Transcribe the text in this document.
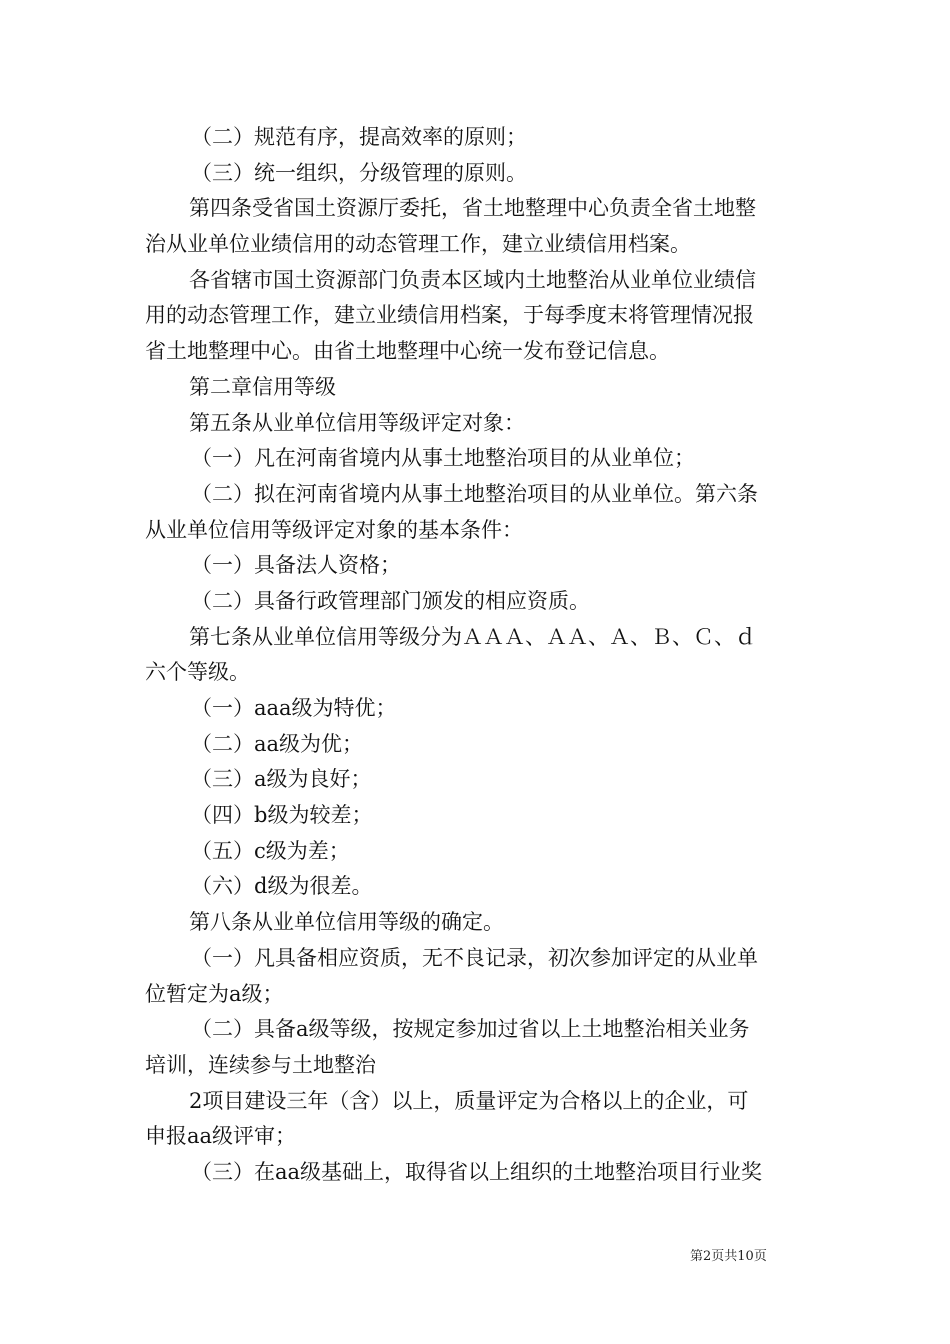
（二）规范有序，提高效率的原则；
（三）统一组织，分级管理的原则。
第四条受省国土资源厅委托，省土地整理中心负责全省土地整
治从业单位业绩信用的动态管理工作，建立业绩信用档案。
各省辖市国土资源部门负责本区域内土地整治从业单位业绩信
用的动态管理工作，建立业绩信用档案，于每季度末将管理情况报
省土地整理中心。由省土地整理中心统一发布登记信息。
第二章信用等级
第五条从业单位信用等级评定对象：
（一）凡在河南省境内从事土地整治项目的从业单位；
（二）拟在河南省境内从事土地整治项目的从业单位。第六条
从业单位信用等级评定对象的基本条件：
（一）具备法人资格；
（二）具备行政管理部门颁发的相应资质。
第七条从业单位信用等级分为ＡＡＡ、ＡＡ、Ａ、Ｂ、Ｃ、ｄ
六个等级。
（一）aaa级为特优；
（二）aa级为优；
（三）a级为良好；
（四）b级为较差；
（五）c级为差；
（六）d级为很差。
第八条从业单位信用等级的确定。
（一）凡具备相应资质，无不良记录，初次参加评定的从业单
位暂定为a级；
（二）具备a级等级，按规定参加过省以上土地整治相关业务
培训，连续参与土地整治
2项目建设三年（含）以上，质量评定为合格以上的企业，可
申报aa级评审；
（三）在aa级基础上，取得省以上组织的土地整治项目行业奖
第2页共10页
